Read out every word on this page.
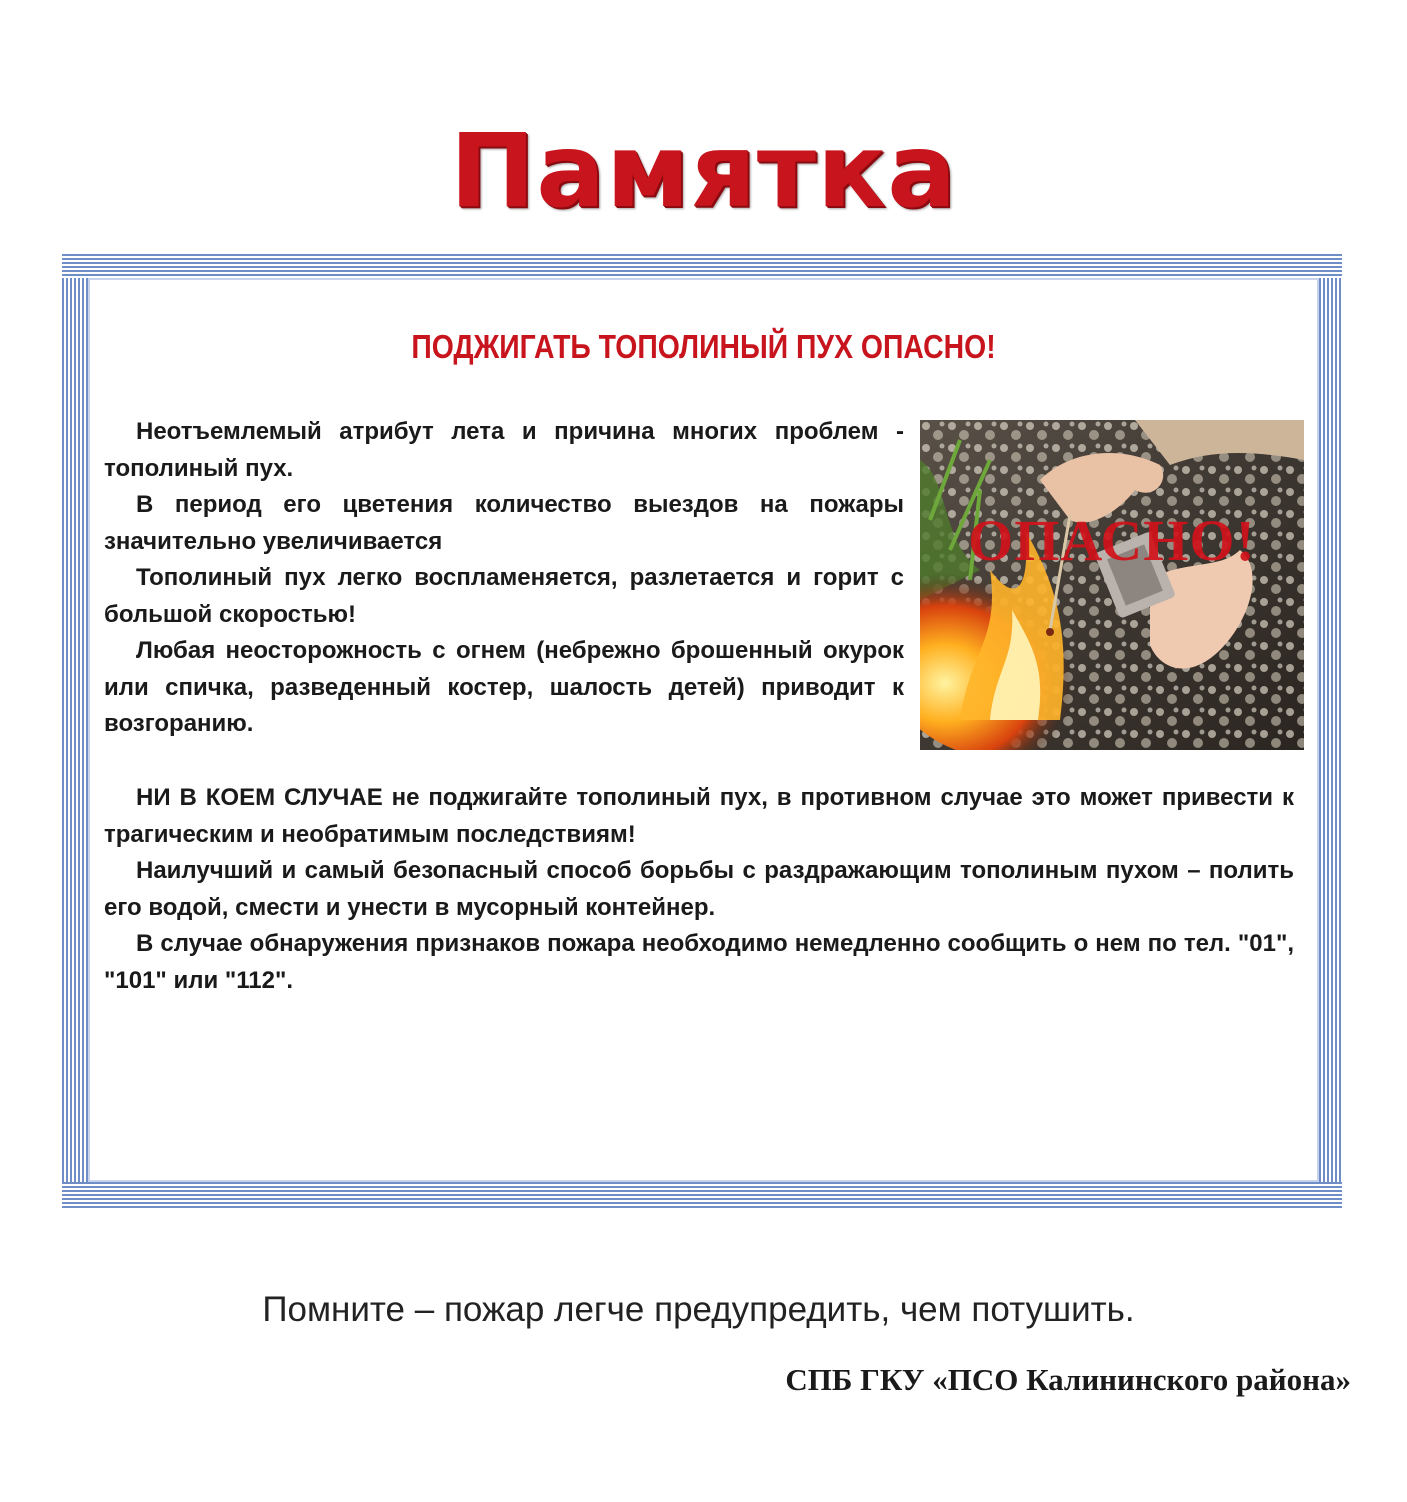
Памятка
ПОДЖИГАТЬ ТОПОЛИНЫЙ ПУХ ОПАСНО!

Неотъемлемый атрибут лета и причина многих проблем - тополиный пух.

В период его цветения количество выездов на пожары значительно увеличивается

Тополиный пух легко воспламеняется, разлетается и горит с большой скоростью!

Любая неосторожность с огнем (небрежно брошенный окурок или спичка, разведенный костер, шалость детей) приводит к возгоранию.

ОПАСНО!

НИ В КОЕМ СЛУЧАЕ не поджигайте тополиный пух, в противном случае это может привести к трагическим и необратимым последствиям!

Наилучший и самый безопасный способ борьбы с раздражающим тополиным пухом – полить его водой, смести и унести в мусорный контейнер.

В случае обнаружения признаков пожара необходимо немедленно сообщить о нем по тел. "01", "101" или "112".

Помните – пожар легче предупредить, чем потушить.
СПБ ГКУ «ПСО Калининского района»
